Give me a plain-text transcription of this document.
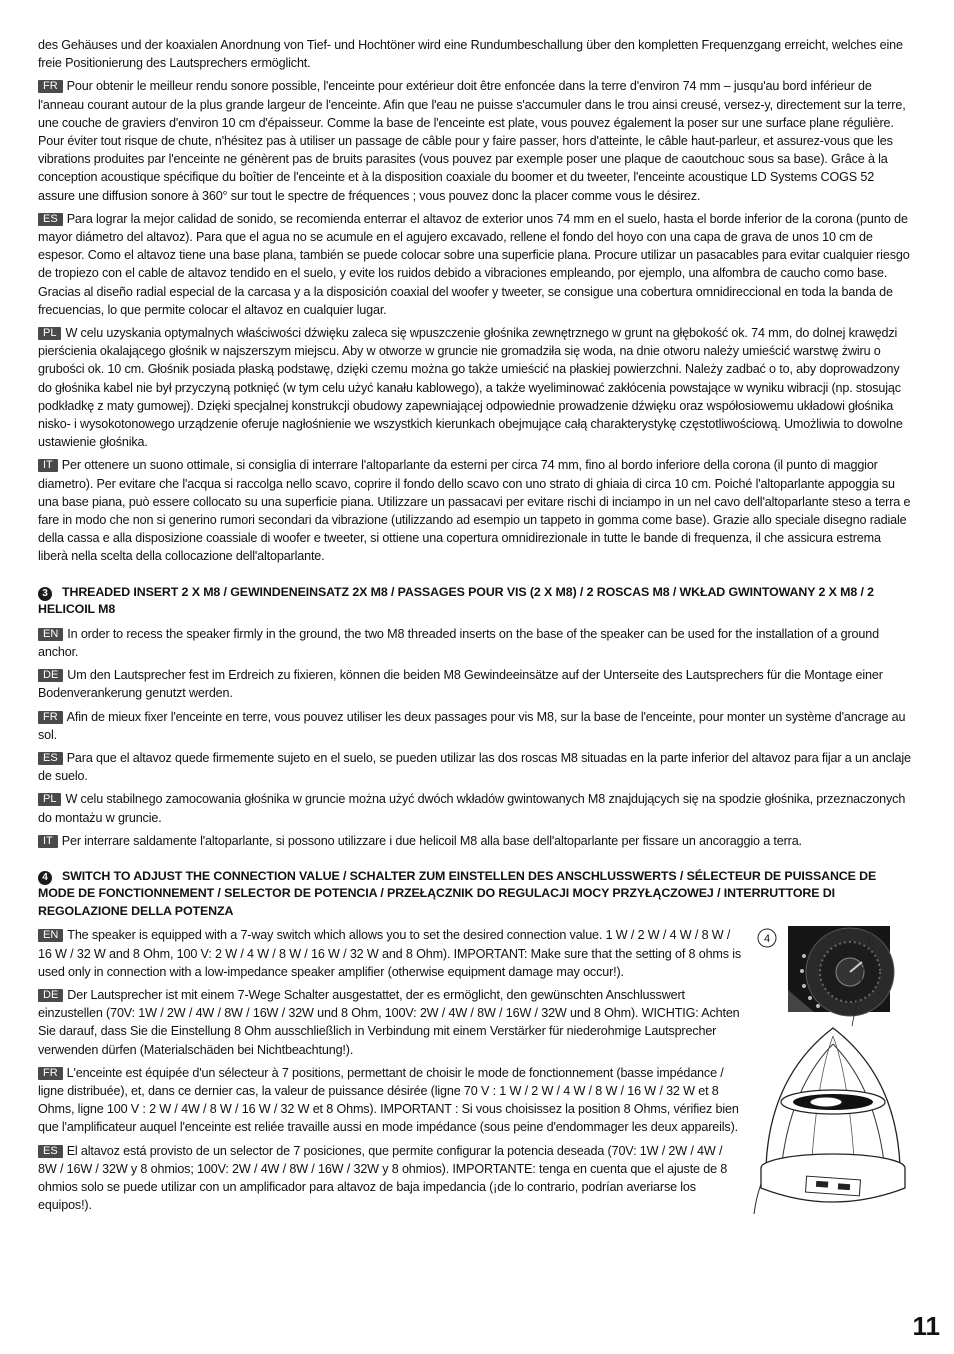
des Gehäuses und der koaxialen Anordnung von Tief- und Hochtöner wird eine Rundumbeschallung über den kompletten Frequenzgang erreicht, welches eine freie Positionierung des Lautsprechers ermöglicht.

FR Pour obtenir le meilleur rendu sonore possible, l'enceinte pour extérieur doit être enfoncée dans la terre d'environ 74 mm – jusqu'au bord inférieur de l'anneau courant autour de la plus grande largeur de l'enceinte. Afin que l'eau ne puisse s'accumuler dans le trou ainsi creusé, versez-y, directement sur la terre, une couche de graviers d'environ 10 cm d'épaisseur. Comme la base de l'enceinte est plate, vous pouvez également la poser sur une surface plane régulière. Pour éviter tout risque de chute, n'hésitez pas à utiliser un passage de câble pour y faire passer, hors d'atteinte, le câble haut-parleur, et assurez-vous que les vibrations produites par l'enceinte ne génèrent pas de bruits parasites (vous pouvez par exemple poser une plaque de caoutchouc sous sa base). Grâce à la conception acoustique spécifique du boîtier de l'enceinte et à la disposition coaxiale du boomer et du tweeter, l'enceinte acoustique LD Systems COGS 52 assure une diffusion sonore à 360° sur tout le spectre de fréquences ; vous pouvez donc la placer comme vous le désirez.

ES Para lograr la mejor calidad de sonido, se recomienda enterrar el altavoz de exterior unos 74 mm en el suelo, hasta el borde inferior de la corona (punto de mayor diámetro del altavoz). Para que el agua no se acumule en el agujero excavado, rellene el fondo del hoyo con una capa de grava de unos 10 cm de espesor. Como el altavoz tiene una base plana, también se puede colocar sobre una superficie plana. Procure utilizar un pasacables para evitar cualquier riesgo de tropiezo con el cable de altavoz tendido en el suelo, y evite los ruidos debido a vibraciones empleando, por ejemplo, una alfombra de caucho como base. Gracias al diseño radial especial de la carcasa y a la disposición coaxial del woofer y tweeter, se consigue una cobertura omnidireccional en toda la banda de frecuencias, lo que permite colocar el altavoz en cualquier lugar.

PL W celu uzyskania optymalnych właściwości dźwięku zaleca się wpuszczenie głośnika zewnętrznego w grunt na głębokość ok. 74 mm, do dolnej krawędzi pierścienia okalającego głośnik w najszerszym miejscu. Aby w otworze w gruncie nie gromadziła się woda, na dnie otworu należy umieścić warstwę żwiru o grubości ok. 10 cm. Głośnik posiada płaską podstawę, dzięki czemu można go także umieścić na płaskiej powierzchni. Należy zadbać o to, aby doprowadzony do głośnika kabel nie był przyczyną potknięć (w tym celu użyć kanału kablowego), a także wyeliminować zakłócenia powstające w wyniku wibracji (np. stosując podkładkę z maty gumowej). Dzięki specjalnej konstrukcji obudowy zapewniającej odpowiednie prowadzenie dźwięku oraz współosiowemu układowi głośnika nisko- i wysokotonowego urządzenie oferuje nagłośnienie we wszystkich kierunkach obejmujące całą charakterystykę częstotliwościową. Umożliwia to dowolne ustawienie głośnika.

IT Per ottenere un suono ottimale, si consiglia di interrare l'altoparlante da esterni per circa 74 mm, fino al bordo inferiore della corona (il punto di maggior diametro). Per evitare che l'acqua si raccolga nello scavo, coprire il fondo dello scavo con uno strato di ghiaia di circa 10 cm. Poiché l'altoparlante appoggia su una base piana, può essere collocato su una superficie piana. Utilizzare un passacavi per evitare rischi di inciampo in un nel cavo dell'altoparlante steso a terra e fare in modo che non si generino rumori secondari da vibrazione (utilizzando ad esempio un tappeto in gomma come base). Grazie allo speciale disegno radiale della cassa e alla disposizione coassiale di woofer e tweeter, si ottiene una copertura omnidirezionale in tutte le bande di frequenza, il che assicura estrema liberà nella scelta della collocazione dell'altoparlante.

3 THREADED INSERT 2 X M8 / GEWINDENEINSATZ 2X M8 / PASSAGES POUR VIS (2 X M8) / 2 ROSCAS M8 / WKŁAD GWINTOWANY 2 X M8 / 2 HELICOIL M8

EN In order to recess the speaker firmly in the ground, the two M8 threaded inserts on the base of the speaker can be used for the installation of a ground anchor.

DE Um den Lautsprecher fest im Erdreich zu fixieren, können die beiden M8 Gewindeeinsätze auf der Unterseite des Lautsprechers für die Montage einer Bodenverankerung genutzt werden.

FR Afin de mieux fixer l'enceinte en terre, vous pouvez utiliser les deux passages pour vis M8, sur la base de l'enceinte, pour monter un système d'ancrage au sol.

ES Para que el altavoz quede firmemente sujeto en el suelo, se pueden utilizar las dos roscas M8 situadas en la parte inferior del altavoz para fijar a un anclaje de suelo.

PL W celu stabilnego zamocowania głośnika w gruncie można użyć dwóch wkładów gwintowanych M8 znajdujących się na spodzie głośnika, przeznaczonych do montażu w gruncie.

IT Per interrare saldamente l'altoparlante, si possono utilizzare i due helicoil M8 alla base dell'altoparlante per fissare un ancoraggio a terra.

4 SWITCH TO ADJUST THE CONNECTION VALUE / SCHALTER ZUM EINSTELLEN DES ANSCHLUSSWERTS / SÉLECTEUR DE PUISSANCE DE MODE DE FONCTIONNEMENT / SELECTOR DE POTENCIA / PRZEŁĄCZNIK DO REGULACJI MOCY PRZYŁĄCZOWEJ / INTERRUTTORE DI REGOLAZIONE DELLA POTENZA

EN The speaker is equipped with a 7-way switch which allows you to set the desired connection value. 1 W / 2 W / 4 W / 8 W / 16 W / 32 W and 8 Ohm, 100 V: 2 W / 4 W / 8 W / 16 W / 32 W and 8 Ohm). IMPORTANT: Make sure that the setting of 8 ohms is used only in connection with a low-impedance speaker amplifier (otherwise equipment damage may occur!).

DE Der Lautsprecher ist mit einem 7-Wege Schalter ausgestattet, der es ermöglicht, den gewünschten Anschlusswert einzustellen (70V: 1W / 2W / 4W / 8W / 16W / 32W und 8 Ohm, 100V: 2W / 4W / 8W / 16W / 32W und 8 Ohm). WICHTIG: Achten Sie darauf, dass Sie die Einstellung 8 Ohm ausschließlich in Verbindung mit einem Verstärker für niederohmige Lautsprecher verwenden dürfen (Materialschäden bei Nichtbeachtung!).

FR L'enceinte est équipée d'un sélecteur à 7 positions, permettant de choisir le mode de fonctionnement (basse impédance / ligne distribuée), et, dans ce dernier cas, la valeur de puissance désirée (ligne 70 V : 1 W / 2 W / 4 W / 8 W / 16 W / 32 W et 8 Ohms, ligne 100 V : 2 W / 4W / 8 W / 16 W / 32 W et 8 Ohms). IMPORTANT : Si vous choisissez la position 8 Ohms, vérifiez bien que l'amplificateur auquel l'enceinte est reliée travaille aussi en mode impédance (sous peine d'endommager les deux appareils).

ES El altavoz está provisto de un selector de 7 posiciones, que permite configurar la potencia deseada (70V: 1W / 2W / 4W / 8W / 16W / 32W y 8 ohmios; 100V: 2W / 4W / 8W / 16W / 32W y 8 ohmios). IMPORTANTE: tenga en cuenta que el ajuste de 8 ohmios solo se puede utilizar con un amplificador para altavoz de baja impedancia (¡de lo contrario, podrían averiarse los equipos!).

4
11
